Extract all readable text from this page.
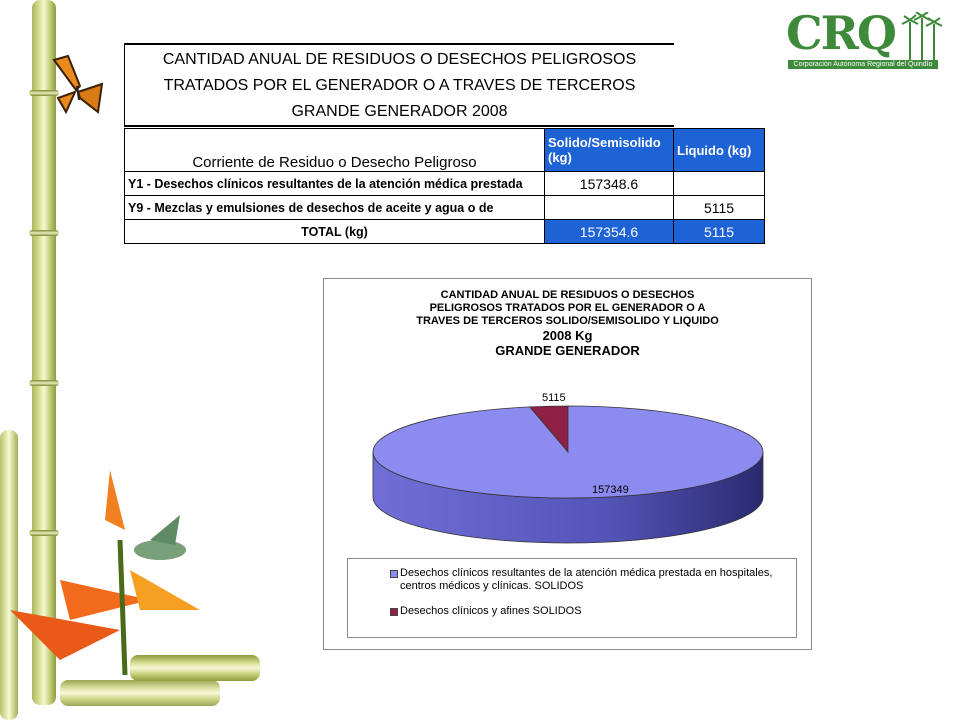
CRQ
Corporación Autónoma Regional del Quindío
CANTIDAD ANUAL DE RESIDUOS O DESECHOS PELIGROSOS
TRATADOS POR EL GENERADOR O A TRAVES DE TERCEROS
GRANDE GENERADOR 2008
Corriente de Residuo o Desecho Peligroso	Solido/Semisolido (kg)	Liquido (kg)
Y1 - Desechos clínicos resultantes de la atención médica prestada	157348.6	
Y9 - Mezclas y emulsiones de desechos de aceite y agua o de		5115
TOTAL (kg)	157354.6	5115
CANTIDAD ANUAL DE RESIDUOS O DESECHOS
PELIGROSOS TRATADOS POR EL GENERADOR O A
TRAVES DE TERCEROS SOLIDO/SEMISOLIDO Y LIQUIDO
2008 Kg
GRANDE GENERADOR
157349
5115
Desechos clínicos resultantes de la atención médica prestada en hospitales, centros médicos y clínicas. SOLIDOS
Desechos clínicos y afines SOLIDOS
